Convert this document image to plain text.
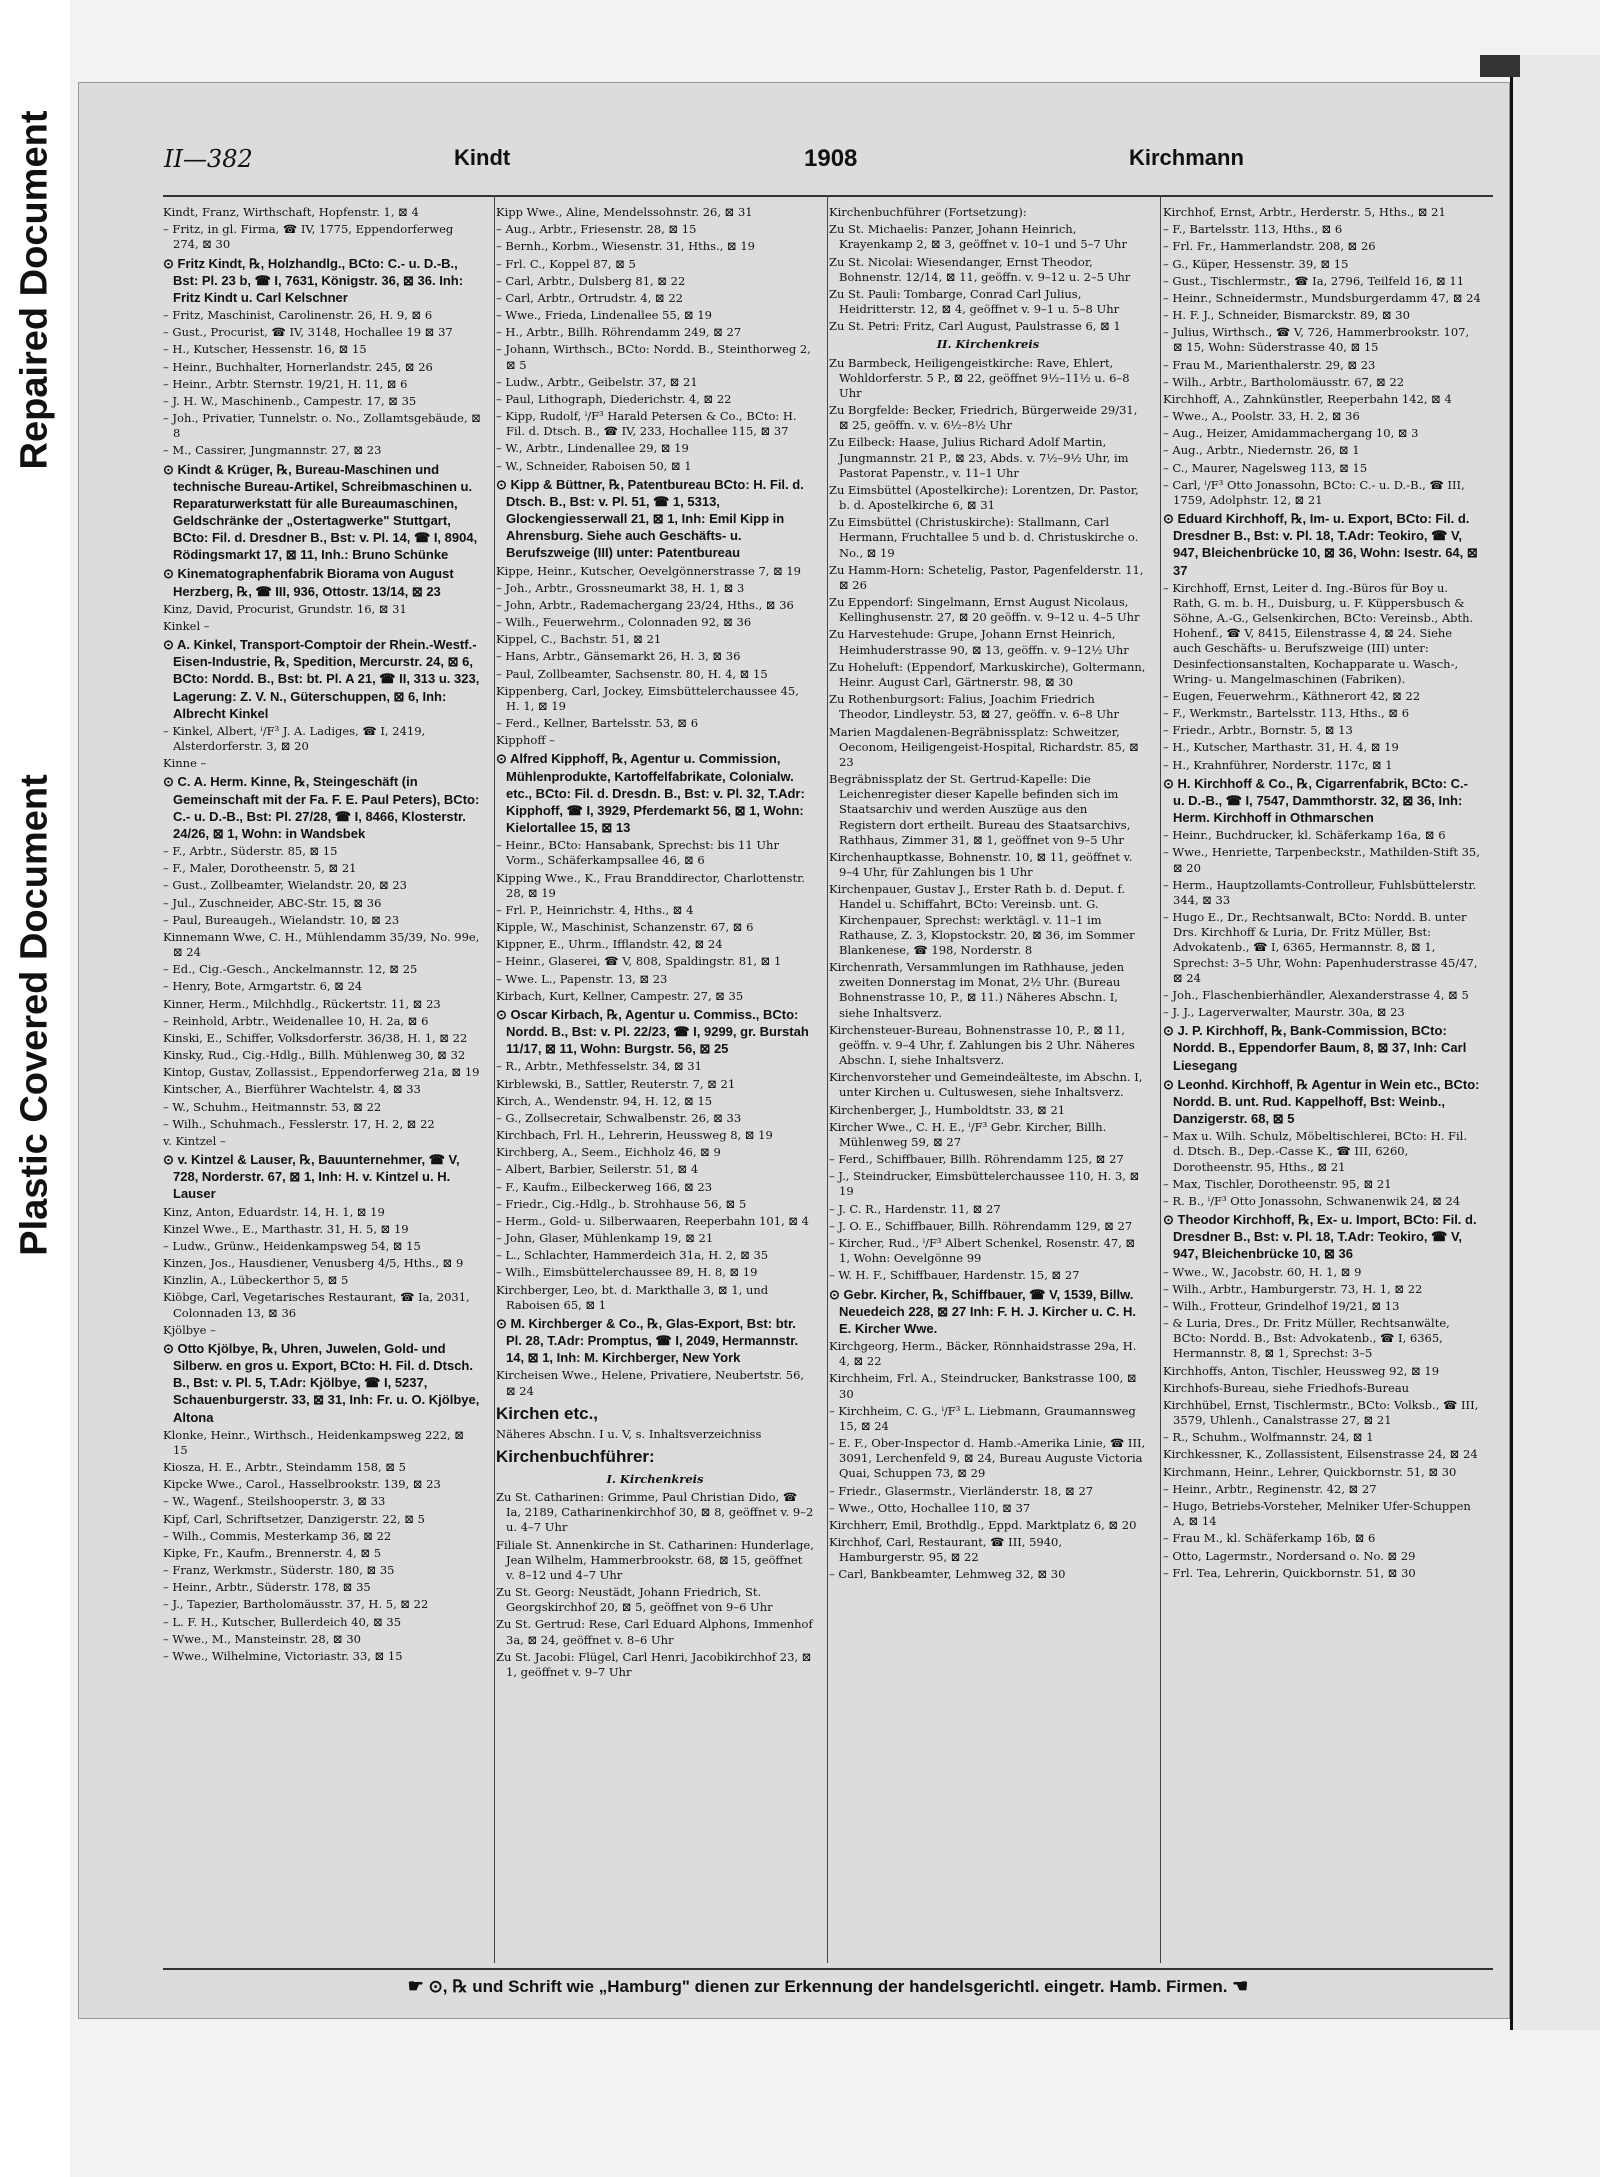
Repaired Document
Plastic Covered Document
II—382	Kindt	1908	Kirchmann
Kindt, Franz, Wirthschaft, Hopfenstr. 1, ⊠ 4
– Fritz, in gl. Firma, ☎ IV, 1775, Eppendorferweg 274, ⊠ 30
⊙ Fritz Kindt, ℞, Holzhandlg., BCto: C.- u. D.-B., Bst: Pl. 23 b, ☎ I, 7631, Königstr. 36, ⊠ 36. Inh: Fritz Kindt u. Carl Kelschner
– Fritz, Maschinist, Carolinenstr. 26, H. 9, ⊠ 6
– Gust., Procurist, ☎ IV, 3148, Hochallee 19 ⊠ 37
– H., Kutscher, Hessenstr. 16, ⊠ 15
– Heinr., Buchhalter, Hornerlandstr. 245, ⊠ 26
– Heinr., Arbtr. Sternstr. 19/21, H. 11, ⊠ 6
– J. H. W., Maschinenb., Campestr. 17, ⊠ 35
– Joh., Privatier, Tunnelstr. o. No., Zollamtsgebäude, ⊠ 8
– M., Cassirer, Jungmannstr. 27, ⊠ 23
⊙ Kindt & Krüger, ℞, Bureau-Maschinen und technische Bureau-Artikel, Schreibmaschinen u. Reparaturwerkstatt für alle Bureaumaschinen, Geldschränke der „Ostertagwerke" Stuttgart, BCto: Fil. d. Dresdner B., Bst: v. Pl. 14, ☎ I, 8904, Rödingsmarkt 17, ⊠ 11, Inh.: Bruno Schünke
⊙ Kinematographenfabrik Biorama von August Herzberg, ℞, ☎ III, 936, Ottostr. 13/14, ⊠ 23
Kinz, David, Procurist, Grundstr. 16, ⊠ 31
Kinkel –
⊙ A. Kinkel, Transport-Comptoir der Rhein.-Westf.-Eisen-Industrie, ℞, Spedition, Mercurstr. 24, ⊠ 6, BCto: Nordd. B., Bst: bt. Pl. A 21, ☎ II, 313 u. 323, Lagerung: Z. V. N., Güterschuppen, ⊠ 6, Inh: Albrecht Kinkel
– Kinkel, Albert, ⁱ/F³ J. A. Ladiges, ☎ I, 2419, Alsterdorferstr. 3, ⊠ 20
Kinne –
⊙ C. A. Herm. Kinne, ℞, Steingeschäft (in Gemeinschaft mit der Fa. F. E. Paul Peters), BCto: C.- u. D.-B., Bst: Pl. 27/28, ☎ I, 8466, Klosterstr. 24/26, ⊠ 1, Wohn: in Wandsbek
– F., Arbtr., Süderstr. 85, ⊠ 15
– F., Maler, Dorotheenstr. 5, ⊠ 21
– Gust., Zollbeamter, Wielandstr. 20, ⊠ 23
– Jul., Zuschneider, ABC-Str. 15, ⊠ 36
– Paul, Bureaugeh., Wielandstr. 10, ⊠ 23
Kinnemann Wwe, C. H., Mühlendamm 35/39, No. 99e, ⊠ 24
– Ed., Cig.-Gesch., Anckelmannstr. 12, ⊠ 25
– Henry, Bote, Armgartstr. 6, ⊠ 24
Kinner, Herm., Milchhdlg., Rückertstr. 11, ⊠ 23
– Reinhold, Arbtr., Weidenallee 10, H. 2a, ⊠ 6
Kinski, E., Schiffer, Volksdorferstr. 36/38, H. 1, ⊠ 22
Kinsky, Rud., Cig.-Hdlg., Billh. Mühlenweg 30, ⊠ 32
Kintop, Gustav, Zollassist., Eppendorferweg 21a, ⊠ 19
Kintscher, A., Bierführer Wachtelstr. 4, ⊠ 33
– W., Schuhm., Heitmannstr. 53, ⊠ 22
– Wilh., Schuhmach., Fesslerstr. 17, H. 2, ⊠ 22
v. Kintzel –
⊙ v. Kintzel & Lauser, ℞, Bauunternehmer, ☎ V, 728, Norderstr. 67, ⊠ 1, Inh: H. v. Kintzel u. H. Lauser
Kinz, Anton, Eduardstr. 14, H. 1, ⊠ 19
Kinzel Wwe., E., Marthastr. 31, H. 5, ⊠ 19
– Ludw., Grünw., Heidenkampsweg 54, ⊠ 15
Kinzen, Jos., Hausdiener, Venusberg 4/5, Hths., ⊠ 9
Kinzlin, A., Lübeckerthor 5, ⊠ 5
Kiöbge, Carl, Vegetarisches Restaurant, ☎ Ia, 2031, Colonnaden 13, ⊠ 36
Kjölbye –
⊙ Otto Kjölbye, ℞, Uhren, Juwelen, Gold- und Silberw. en gros u. Export, BCto: H. Fil. d. Dtsch. B., Bst: v. Pl. 5, T.Adr: Kjölbye, ☎ I, 5237, Schauenburgerstr. 33, ⊠ 31, Inh: Fr. u. O. Kjölbye, Altona
Klonke, Heinr., Wirthsch., Heidenkampsweg 222, ⊠ 15
Kiosza, H. E., Arbtr., Steindamm 158, ⊠ 5
Kipcke Wwe., Carol., Hasselbrookstr. 139, ⊠ 23
– W., Wagenf., Steilshooperstr. 3, ⊠ 33
Kipf, Carl, Schriftsetzer, Danzigerstr. 22, ⊠ 5
– Wilh., Commis, Mesterkamp 36, ⊠ 22
Kipke, Fr., Kaufm., Brennerstr. 4, ⊠ 5
– Franz, Werkmstr., Süderstr. 180, ⊠ 35
– Heinr., Arbtr., Süderstr. 178, ⊠ 35
– J., Tapezier, Bartholomäusstr. 37, H. 5, ⊠ 22
– L. F. H., Kutscher, Bullerdeich 40, ⊠ 35
– Wwe., M., Mansteinstr. 28, ⊠ 30
– Wwe., Wilhelmine, Victoriastr. 33, ⊠ 15
Kipp Wwe., Aline, Mendelssohnstr. 26, ⊠ 31
– Aug., Arbtr., Friesenstr. 28, ⊠ 15
– Bernh., Korbm., Wiesenstr. 31, Hths., ⊠ 19
– Frl. C., Koppel 87, ⊠ 5
– Carl, Arbtr., Dulsberg 81, ⊠ 22
– Carl, Arbtr., Ortrudstr. 4, ⊠ 22
– Wwe., Frieda, Lindenallee 55, ⊠ 19
– H., Arbtr., Billh. Röhrendamm 249, ⊠ 27
– Johann, Wirthsch., BCto: Nordd. B., Steinthorweg 2, ⊠ 5
– Ludw., Arbtr., Geibelstr. 37, ⊠ 21
– Paul, Lithograph, Diederichstr. 4, ⊠ 22
– Kipp, Rudolf, ⁱ/F³ Harald Petersen & Co., BCto: H. Fil. d. Dtsch. B., ☎ IV, 233, Hochallee 115, ⊠ 37
– W., Arbtr., Lindenallee 29, ⊠ 19
– W., Schneider, Raboisen 50, ⊠ 1
⊙ Kipp & Büttner, ℞, Patentbureau BCto: H. Fil. d. Dtsch. B., Bst: v. Pl. 51, ☎ 1, 5313, Glockengiesserwall 21, ⊠ 1, Inh: Emil Kipp in Ahrensburg. Siehe auch Geschäfts- u. Berufszweige (III) unter: Patentbureau
Kippe, Heinr., Kutscher, Oevelgönnerstrasse 7, ⊠ 19
– Joh., Arbtr., Grossneumarkt 38, H. 1, ⊠ 3
– John, Arbtr., Rademachergang 23/24, Hths., ⊠ 36
– Wilh., Feuerwehrm., Colonnaden 92, ⊠ 36
Kippel, C., Bachstr. 51, ⊠ 21
– Hans, Arbtr., Gänsemarkt 26, H. 3, ⊠ 36
– Paul, Zollbeamter, Sachsenstr. 80, H. 4, ⊠ 15
Kippenberg, Carl, Jockey, Eimsbüttelerchaussee 45, H. 1, ⊠ 19
– Ferd., Kellner, Bartelsstr. 53, ⊠ 6
Kipphoff –
⊙ Alfred Kipphoff, ℞, Agentur u. Commission, Mühlenprodukte, Kartoffelfabrikate, Colonialw. etc., BCto: Fil. d. Dresdn. B., Bst: v. Pl. 32, T.Adr: Kipphoff, ☎ I, 3929, Pferdemarkt 56, ⊠ 1, Wohn: Kielortallee 15, ⊠ 13
– Heinr., BCto: Hansabank, Sprechst: bis 11 Uhr Vorm., Schäferkampsallee 46, ⊠ 6
Kipping Wwe., K., Frau Branddirector, Charlottenstr. 28, ⊠ 19
– Frl. P., Heinrichstr. 4, Hths., ⊠ 4
Kipple, W., Maschinist, Schanzenstr. 67, ⊠ 6
Kippner, E., Uhrm., Ifflandstr. 42, ⊠ 24
– Heinr., Glaserei, ☎ V, 808, Spaldingstr. 81, ⊠ 1
– Wwe. L., Papenstr. 13, ⊠ 23
Kirbach, Kurt, Kellner, Campestr. 27, ⊠ 35
⊙ Oscar Kirbach, ℞, Agentur u. Commiss., BCto: Nordd. B., Bst: v. Pl. 22/23, ☎ I, 9299, gr. Burstah 11/17, ⊠ 11, Wohn: Burgstr. 56, ⊠ 25
– R., Arbtr., Methfesselstr. 34, ⊠ 31
Kirblewski, B., Sattler, Reuterstr. 7, ⊠ 21
Kirch, A., Wendenstr. 94, H. 12, ⊠ 15
– G., Zollsecretair, Schwalbenstr. 26, ⊠ 33
Kirchbach, Frl. H., Lehrerin, Heussweg 8, ⊠ 19
Kirchberg, A., Seem., Eichholz 46, ⊠ 9
– Albert, Barbier, Seilerstr. 51, ⊠ 4
– F., Kaufm., Eilbeckerweg 166, ⊠ 23
– Friedr., Cig.-Hdlg., b. Strohhause 56, ⊠ 5
– Herm., Gold- u. Silberwaaren, Reeperbahn 101, ⊠ 4
– John, Glaser, Mühlenkamp 19, ⊠ 21
– L., Schlachter, Hammerdeich 31a, H. 2, ⊠ 35
– Wilh., Eimsbüttelerchaussee 89, H. 8, ⊠ 19
Kirchberger, Leo, bt. d. Markthalle 3, ⊠ 1, und Raboisen 65, ⊠ 1
⊙ M. Kirchberger & Co., ℞, Glas-Export, Bst: btr. Pl. 28, T.Adr: Promptus, ☎ I, 2049, Hermannstr. 14, ⊠ 1, Inh: M. Kirchberger, New York
Kircheisen Wwe., Helene, Privatiere, Neubertstr. 56, ⊠ 24
Kirchen etc.,
Näheres Abschn. I u. V, s. Inhaltsverzeichniss
Kirchenbuchführer:
I. Kirchenkreis
Zu St. Catharinen: Grimme, Paul Christian Dido, ☎ Ia, 2189, Catharinenkirchhof 30, ⊠ 8, geöffnet v. 9–2 u. 4–7 Uhr
Filiale St. Annenkirche in St. Catharinen: Hunderlage, Jean Wilhelm, Hammerbrookstr. 68, ⊠ 15, geöffnet v. 8–12 und 4–7 Uhr
Zu St. Georg: Neustädt, Johann Friedrich, St. Georgskirchhof 20, ⊠ 5, geöffnet von 9–6 Uhr
Zu St. Gertrud: Rese, Carl Eduard Alphons, Immenhof 3a, ⊠ 24, geöffnet v. 8–6 Uhr
Zu St. Jacobi: Flügel, Carl Henri, Jacobikirchhof 23, ⊠ 1, geöffnet v. 9–7 Uhr
Kirchenbuchführer (Fortsetzung):
Zu St. Michaelis: Panzer, Johann Heinrich, Krayenkamp 2, ⊠ 3, geöffnet v. 10–1 und 5–7 Uhr
Zu St. Nicolai: Wiesendanger, Ernst Theodor, Bohnenstr. 12/14, ⊠ 11, geöffn. v. 9–12 u. 2–5 Uhr
Zu St. Pauli: Tombarge, Conrad Carl Julius, Heidritterstr. 12, ⊠ 4, geöffnet v. 9–1 u. 5–8 Uhr
Zu St. Petri: Fritz, Carl August, Paulstrasse 6, ⊠ 1
II. Kirchenkreis
Zu Barmbeck, Heiligengeistkirche: Rave, Ehlert, Wohldorferstr. 5 P., ⊠ 22, geöffnet 9½–11½ u. 6–8 Uhr
Zu Borgfelde: Becker, Friedrich, Bürgerweide 29/31, ⊠ 25, geöffn. v. v. 6½–8½ Uhr
Zu Eilbeck: Haase, Julius Richard Adolf Martin, Jungmannstr. 21 P., ⊠ 23, Abds. v. 7½–9½ Uhr, im Pastorat Papenstr., v. 11–1 Uhr
Zu Eimsbüttel (Apostelkirche): Lorentzen, Dr. Pastor, b. d. Apostelkirche 6, ⊠ 31
Zu Eimsbüttel (Christuskirche): Stallmann, Carl Hermann, Fruchtallee 5 und b. d. Christuskirche o. No., ⊠ 19
Zu Hamm-Horn: Schetelig, Pastor, Pagenfelderstr. 11, ⊠ 26
Zu Eppendorf: Singelmann, Ernst August Nicolaus, Kellinghusenstr. 27, ⊠ 20 geöffn. v. 9–12 u. 4–5 Uhr
Zu Harvestehude: Grupe, Johann Ernst Heinrich, Heimhuderstrasse 90, ⊠ 13, geöffn. v. 9–12½ Uhr
Zu Hoheluft: (Eppendorf, Markuskirche), Goltermann, Heinr. August Carl, Gärtnerstr. 98, ⊠ 30
Zu Rothenburgsort: Falius, Joachim Friedrich Theodor, Lindleystr. 53, ⊠ 27, geöffn. v. 6–8 Uhr
Marien Magdalenen-Begräbnissplatz: Schweitzer, Oeconom, Heiligengeist-Hospital, Richardstr. 85, ⊠ 23
Begräbnissplatz der St. Gertrud-Kapelle: Die Leichenregister dieser Kapelle befinden sich im Staatsarchiv und werden Auszüge aus den Registern dort ertheilt. Bureau des Staatsarchivs, Rathhaus, Zimmer 31, ⊠ 1, geöffnet von 9–5 Uhr
Kirchenhauptkasse, Bohnenstr. 10, ⊠ 11, geöffnet v. 9–4 Uhr, für Zahlungen bis 1 Uhr
Kirchenpauer, Gustav J., Erster Rath b. d. Deput. f. Handel u. Schiffahrt, BCto: Vereinsb. unt. G. Kirchenpauer, Sprechst: werktägl. v. 11–1 im Rathause, Z. 3, Klopstockstr. 20, ⊠ 36, im Sommer Blankenese, ☎ 198, Norderstr. 8
Kirchenrath, Versammlungen im Rathhause, jeden zweiten Donnerstag im Monat, 2½ Uhr. (Bureau Bohnenstrasse 10, P., ⊠ 11.) Näheres Abschn. I, siehe Inhaltsverz.
Kirchensteuer-Bureau, Bohnenstrasse 10, P., ⊠ 11, geöffn. v. 9–4 Uhr, f. Zahlungen bis 2 Uhr. Näheres Abschn. I, siehe Inhaltsverz.
Kirchenvorsteher und Gemeindeälteste, im Abschn. I, unter Kirchen u. Cultuswesen, siehe Inhaltsverz.
Kirchenberger, J., Humboldtstr. 33, ⊠ 21
Kircher Wwe., C. H. E., ⁱ/F³ Gebr. Kircher, Billh. Mühlenweg 59, ⊠ 27
– Ferd., Schiffbauer, Billh. Röhrendamm 125, ⊠ 27
– J., Steindrucker, Eimsbüttelerchaussee 110, H. 3, ⊠ 19
– J. C. R., Hardenstr. 11, ⊠ 27
– J. O. E., Schiffbauer, Billh. Röhrendamm 129, ⊠ 27
– Kircher, Rud., ⁱ/F³ Albert Schenkel, Rosenstr. 47, ⊠ 1, Wohn: Oevelgönne 99
– W. H. F., Schiffbauer, Hardenstr. 15, ⊠ 27
⊙ Gebr. Kircher, ℞, Schiffbauer, ☎ V, 1539, Billw. Neuedeich 228, ⊠ 27 Inh: F. H. J. Kircher u. C. H. E. Kircher Wwe.
Kirchgeorg, Herm., Bäcker, Rönnhaidstrasse 29a, H. 4, ⊠ 22
Kirchheim, Frl. A., Steindrucker, Bankstrasse 100, ⊠ 30
– Kirchheim, C. G., ⁱ/F³ L. Liebmann, Graumannsweg 15, ⊠ 24
– E. F., Ober-Inspector d. Hamb.-Amerika Linie, ☎ III, 3091, Lerchenfeld 9, ⊠ 24, Bureau Auguste Victoria Quai, Schuppen 73, ⊠ 29
– Friedr., Glasermstr., Vierländerstr. 18, ⊠ 27
– Wwe., Otto, Hochallee 110, ⊠ 37
Kirchherr, Emil, Brothdlg., Eppd. Marktplatz 6, ⊠ 20
Kirchhof, Carl, Restaurant, ☎ III, 5940, Hamburgerstr. 95, ⊠ 22
– Carl, Bankbeamter, Lehmweg 32, ⊠ 30
Kirchhof, Ernst, Arbtr., Herderstr. 5, Hths., ⊠ 21
– F., Bartelsstr. 113, Hths., ⊠ 6
– Frl. Fr., Hammerlandstr. 208, ⊠ 26
– G., Küper, Hessenstr. 39, ⊠ 15
– Gust., Tischlermstr., ☎ Ia, 2796, Teilfeld 16, ⊠ 11
– Heinr., Schneidermstr., Mundsburgerdamm 47, ⊠ 24
– H. F. J., Schneider, Bismarckstr. 89, ⊠ 30
– Julius, Wirthsch., ☎ V, 726, Hammerbrookstr. 107, ⊠ 15, Wohn: Süderstrasse 40, ⊠ 15
– Frau M., Marienthalerstr. 29, ⊠ 23
– Wilh., Arbtr., Bartholomäusstr. 67, ⊠ 22
Kirchhoff, A., Zahnkünstler, Reeperbahn 142, ⊠ 4
– Wwe., A., Poolstr. 33, H. 2, ⊠ 36
– Aug., Heizer, Amidammachergang 10, ⊠ 3
– Aug., Arbtr., Niedernstr. 26, ⊠ 1
– C., Maurer, Nagelsweg 113, ⊠ 15
– Carl, ⁱ/F³ Otto Jonassohn, BCto: C.- u. D.-B., ☎ III, 1759, Adolphstr. 12, ⊠ 21
⊙ Eduard Kirchhoff, ℞, Im- u. Export, BCto: Fil. d. Dresdner B., Bst: v. Pl. 18, T.Adr: Teokiro, ☎ V, 947, Bleichenbrücke 10, ⊠ 36, Wohn: Isestr. 64, ⊠ 37
– Kirchhoff, Ernst, Leiter d. Ing.-Büros für Boy u. Rath, G. m. b. H., Duisburg, u. F. Küppersbusch & Söhne, A.-G., Gelsenkirchen, BCto: Vereinsb., Abth. Hohenf., ☎ V, 8415, Eilenstrasse 4, ⊠ 24. Siehe auch Geschäfts- u. Berufszweige (III) unter: Desinfectionsanstalten, Kochapparate u. Wasch-, Wring- u. Mangelmaschinen (Fabriken).
– Eugen, Feuerwehrm., Käthnerort 42, ⊠ 22
– F., Werkmstr., Bartelsstr. 113, Hths., ⊠ 6
– Friedr., Arbtr., Bornstr. 5, ⊠ 13
– H., Kutscher, Marthastr. 31, H. 4, ⊠ 19
– H., Krahnführer, Norderstr. 117c, ⊠ 1
⊙ H. Kirchhoff & Co., ℞, Cigarrenfabrik, BCto: C.- u. D.-B., ☎ I, 7547, Dammthorstr. 32, ⊠ 36, Inh: Herm. Kirchhoff in Othmarschen
– Heinr., Buchdrucker, kl. Schäferkamp 16a, ⊠ 6
– Wwe., Henriette, Tarpenbeckstr., Mathilden-Stift 35, ⊠ 20
– Herm., Hauptzollamts-Controlleur, Fuhlsbüttelerstr. 344, ⊠ 33
– Hugo E., Dr., Rechtsanwalt, BCto: Nordd. B. unter Drs. Kirchhoff & Luria, Dr. Fritz Müller, Bst: Advokatenb., ☎ I, 6365, Hermannstr. 8, ⊠ 1, Sprechst: 3–5 Uhr, Wohn: Papenhuderstrasse 45/47, ⊠ 24
– Joh., Flaschenbierhändler, Alexanderstrasse 4, ⊠ 5
– J. J., Lagerverwalter, Maurstr. 30a, ⊠ 23
⊙ J. P. Kirchhoff, ℞, Bank-Commission, BCto: Nordd. B., Eppendorfer Baum, 8, ⊠ 37, Inh: Carl Liesegang
⊙ Leonhd. Kirchhoff, ℞ Agentur in Wein etc., BCto: Nordd. B. unt. Rud. Kappelhoff, Bst: Weinb., Danzigerstr. 68, ⊠ 5
– Max u. Wilh. Schulz, Möbeltischlerei, BCto: H. Fil. d. Dtsch. B., Dep.-Casse K., ☎ III, 6260, Dorotheenstr. 95, Hths., ⊠ 21
– Max, Tischler, Dorotheenstr. 95, ⊠ 21
– R. B., ⁱ/F³ Otto Jonassohn, Schwanenwik 24, ⊠ 24
⊙ Theodor Kirchhoff, ℞, Ex- u. Import, BCto: Fil. d. Dresdner B., Bst: v. Pl. 18, T.Adr: Teokiro, ☎ V, 947, Bleichenbrücke 10, ⊠ 36
– Wwe., W., Jacobstr. 60, H. 1, ⊠ 9
– Wilh., Arbtr., Hamburgerstr. 73, H. 1, ⊠ 22
– Wilh., Frotteur, Grindelhof 19/21, ⊠ 13
– & Luria, Dres., Dr. Fritz Müller, Rechtsanwälte, BCto: Nordd. B., Bst: Advokatenb., ☎ I, 6365, Hermannstr. 8, ⊠ 1, Sprechst: 3–5
Kirchhoffs, Anton, Tischler, Heussweg 92, ⊠ 19
Kirchhofs-Bureau, siehe Friedhofs-Bureau
Kirchhübel, Ernst, Tischlermstr., BCto: Volksb., ☎ III, 3579, Uhlenh., Canalstrasse 27, ⊠ 21
– R., Schuhm., Wolfmannstr. 24, ⊠ 1
Kirchkessner, K., Zollassistent, Eilsenstrasse 24, ⊠ 24
Kirchmann, Heinr., Lehrer, Quickbornstr. 51, ⊠ 30
– Heinr., Arbtr., Reginenstr. 42, ⊠ 27
– Hugo, Betriebs-Vorsteher, Melniker Ufer-Schuppen A, ⊠ 14
– Frau M., kl. Schäferkamp 16b, ⊠ 6
– Otto, Lagermstr., Nordersand o. No. ⊠ 29
– Frl. Tea, Lehrerin, Quickbornstr. 51, ⊠ 30
☛ ⊙, ℞ und Schrift wie „Hamburg" dienen zur Erkennung der handelsgerichtl. eingetr. Hamb. Firmen. ☚
